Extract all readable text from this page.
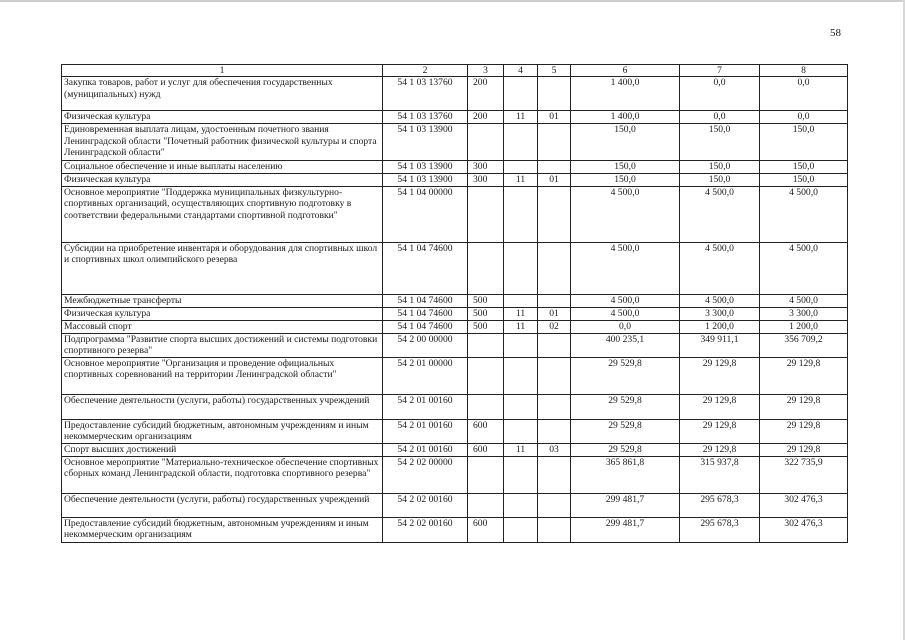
58
1	2	3	4	5	6	7	8
Закупка товаров, работ и услуг для обеспечения государственных (муниципальных) нужд	54 1 03 13760	200			1 400,0	0,0	0,0
Физическая культура	54 1 03 13760	200	11	01	1 400,0	0,0	0,0
Единовременная выплата лицам, удостоенным почетного звания Ленинградской области "Почетный работник физической культуры и спорта Ленинградской области"	54 1 03 13900				150,0	150,0	150,0
Социальное обеспечение и иные выплаты населению	54 1 03 13900	300			150,0	150,0	150,0
Физическая культура	54 1 03 13900	300	11	01	150,0	150,0	150,0
Основное мероприятие "Поддержка муниципальных физкультурно-спортивных организаций, осуществляющих спортивную подготовку в соответствии федеральными стандартами спортивной подготовки"	54 1 04 00000				4 500,0	4 500,0	4 500,0
Субсидии на приобретение инвентаря и оборудования для спортивных школ и спортивных школ олимпийского резерва	54 1 04 74600				4 500,0	4 500,0	4 500,0
Межбюджетные трансферты	54 1 04 74600	500			4 500,0	4 500,0	4 500,0
Физическая культура	54 1 04 74600	500	11	01	4 500,0	3 300,0	3 300,0
Массовый спорт	54 1 04 74600	500	11	02	0,0	1 200,0	1 200,0
Подпрограмма "Развитие спорта высших достижений и системы подготовки спортивного резерва"	54 2 00 00000				400 235,1	349 911,1	356 709,2
Основное мероприятие "Организация и проведение официальных спортивных соревнований на территории Ленинградской области"	54 2 01 00000				29 529,8	29 129,8	29 129,8
Обеспечение деятельности (услуги, работы) государственных учреждений	54 2 01 00160				29 529,8	29 129,8	29 129,8
Предоставление субсидий бюджетным, автономным учреждениям и иным некоммерческим организациям	54 2 01 00160	600			29 529,8	29 129,8	29 129,8
Спорт высших достижений	54 2 01 00160	600	11	03	29 529,8	29 129,8	29 129,8
Основное мероприятие "Материально-техническое обеспечение спортивных сборных команд Ленинградской области, подготовка спортивного резерва"	54 2 02 00000				365 861,8	315 937,8	322 735,9
Обеспечение деятельности (услуги, работы) государственных учреждений	54 2 02 00160				299 481,7	295 678,3	302 476,3
Предоставление субсидий бюджетным, автономным учреждениям и иным некоммерческим организациям	54 2 02 00160	600			299 481,7	295 678,3	302 476,3
